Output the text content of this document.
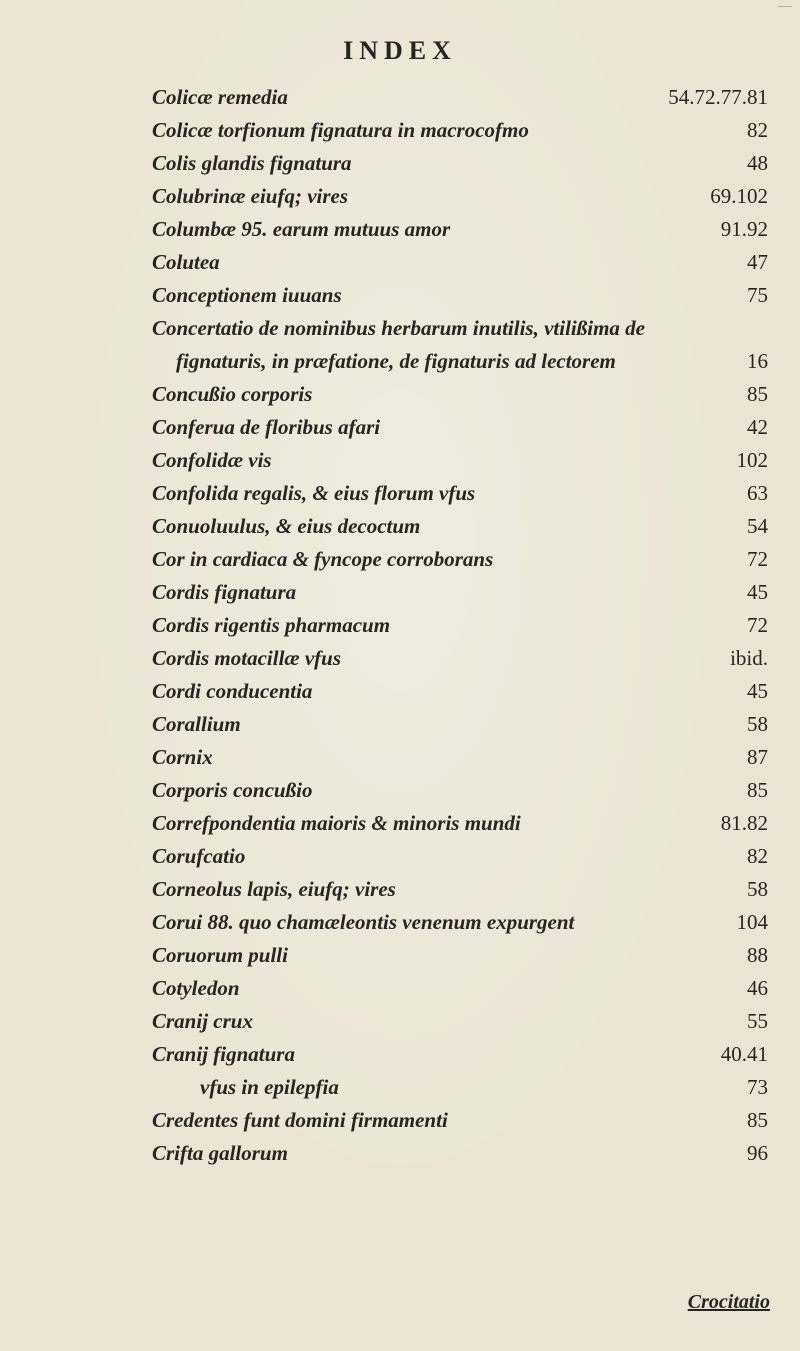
INDEX
Colicæ remedia	54.72.77.81
Colicæ torfionum fignatura in macrocofmo	82
Colis glandis fignatura	48
Colubrinæ eiufq; vires	69.102
Columbæ 95. earum mutuus amor	91.92
Colutea	47
Conceptionem iuuans	75
Concertatio de nominibus herbarum inutilis, vtilißima de
fignaturis, in præfatione, de fignaturis ad lectorem	16
Concußio corporis	85
Conferua de floribus afari	42
Confolidæ vis	102
Confolida regalis, & eius florum vfus	63
Conuoluulus, & eius decoctum	54
Cor in cardiaca & fyncope corroborans	72
Cordis fignatura	45
Cordis rigentis pharmacum	72
Cordis motacillæ vfus	ibid.
Cordi conducentia	45
Corallium	58
Cornix	87
Corporis concußio	85
Correfpondentia maioris & minoris mundi	81.82
Corufcatio	82
Corneolus lapis, eiufq; vires	58
Corui 88. quo chamæleontis venenum expurgent	104
Coruorum pulli	88
Cotyledon	46
Cranij crux	55
Cranij fignatura	40.41
vfus in epilepfia	73
Credentes funt domini firmamenti	85
Crifta gallorum	96
Crocitatio
